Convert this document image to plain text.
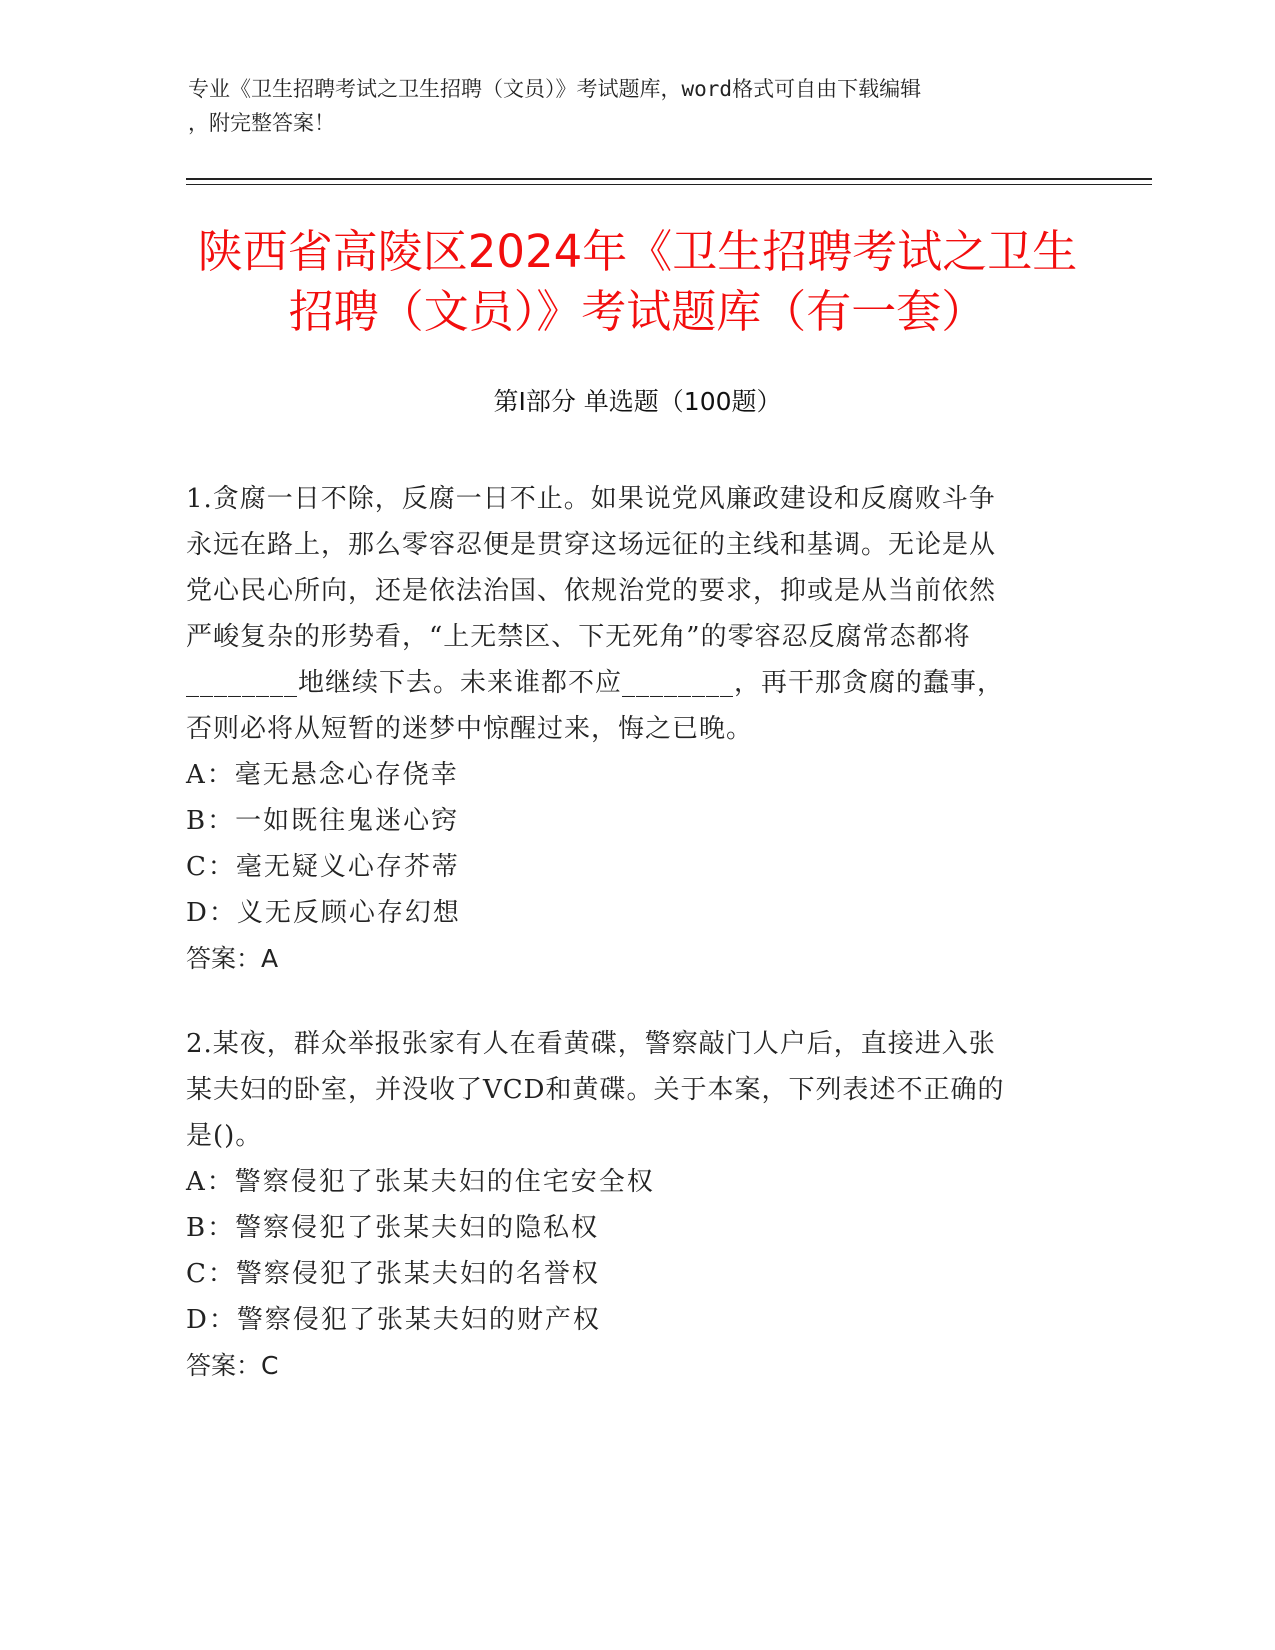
专业《卫生招聘考试之卫生招聘（文员）》考试题库，word格式可自由下载编辑
，附完整答案！
陕西省高陵区2024年《卫生招聘考试之卫生
招聘（文员）》考试题库（有一套）
第Ⅰ部分 单选题（100题）
1.贪腐一日不除，反腐一日不止。如果说党风廉政建设和反腐败斗争
永远在路上，那么零容忍便是贯穿这场远征的主线和基调。无论是从
党心民心所向，还是依法治国、依规治党的要求，抑或是从当前依然
严峻复杂的形势看，“上无禁区、下无死角”的零容忍反腐常态都将
________地继续下去。未来谁都不应________，再干那贪腐的蠢事，
否则必将从短暂的迷梦中惊醒过来，悔之已晚。
A：毫无悬念心存侥幸
B：一如既往鬼迷心窍
C：毫无疑义心存芥蒂
D：义无反顾心存幻想
答案：A
2.某夜，群众举报张家有人在看黄碟，警察敲门人户后，直接进入张
某夫妇的卧室，并没收了VCD和黄碟。关于本案，下列表述不正确的
是()。
A：警察侵犯了张某夫妇的住宅安全权
B：警察侵犯了张某夫妇的隐私权
C：警察侵犯了张某夫妇的名誉权
D：警察侵犯了张某夫妇的财产权
答案：C
